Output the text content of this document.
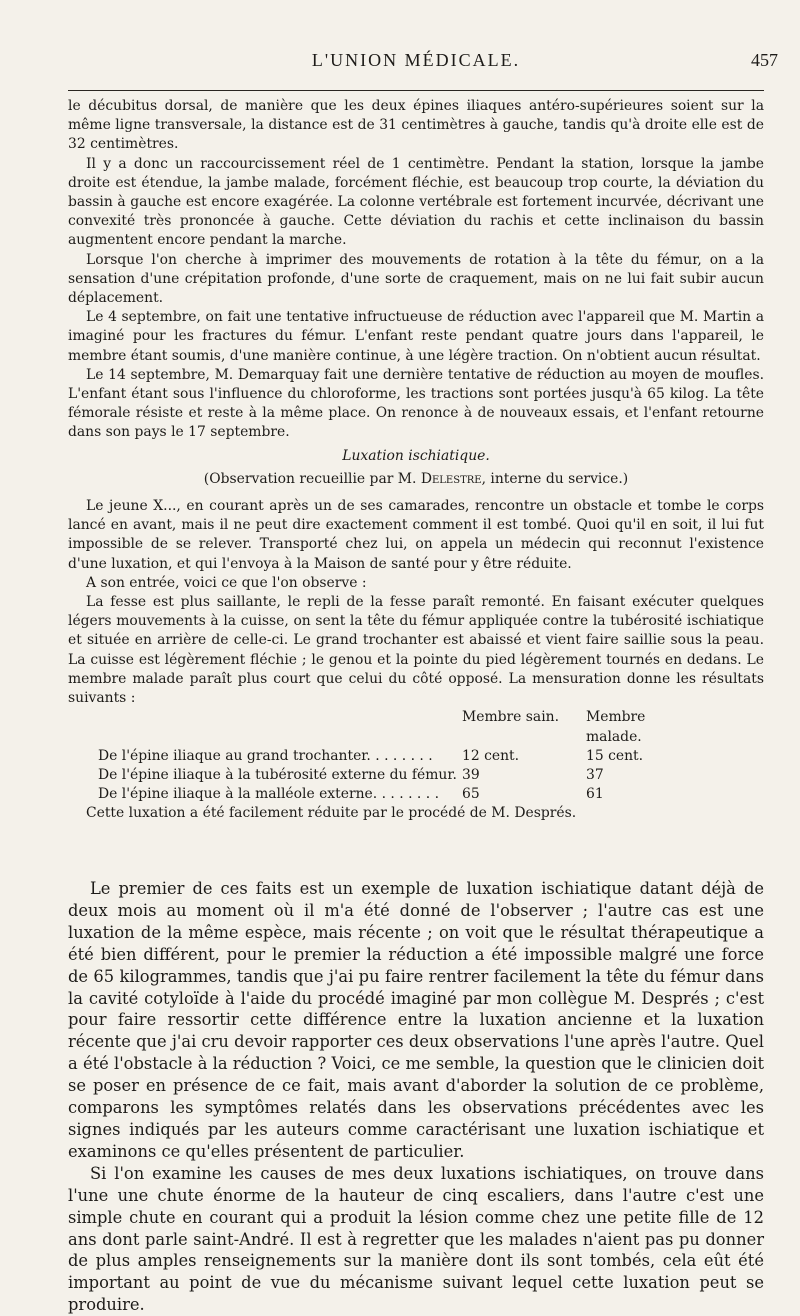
L'UNION MÉDICALE.	457

le décubitus dorsal, de manière que les deux épines iliaques antéro-supérieures soient sur la même ligne transversale, la distance est de 31 centimètres à gauche, tandis qu'à droite elle est de 32 centimètres.

Il y a donc un raccourcissement réel de 1 centimètre. Pendant la station, lorsque la jambe droite est étendue, la jambe malade, forcément fléchie, est beaucoup trop courte, la déviation du bassin à gauche est encore exagérée. La colonne vertébrale est fortement incurvée, décrivant une convexité très prononcée à gauche. Cette déviation du rachis et cette inclinaison du bassin augmentent encore pendant la marche.

Lorsque l'on cherche à imprimer des mouvements de rotation à la tête du fémur, on a la sensation d'une crépitation profonde, d'une sorte de craquement, mais on ne lui fait subir aucun déplacement.

Le 4 septembre, on fait une tentative infructueuse de réduction avec l'appareil que M. Martin a imaginé pour les fractures du fémur. L'enfant reste pendant quatre jours dans l'appareil, le membre étant soumis, d'une manière continue, à une légère traction. On n'obtient aucun résultat.

Le 14 septembre, M. Demarquay fait une dernière tentative de réduction au moyen de moufles. L'enfant étant sous l'influence du chloroforme, les tractions sont portées jusqu'à 65 kilog. La tête fémorale résiste et reste à la même place. On renonce à de nouveaux essais, et l'enfant retourne dans son pays le 17 septembre.

Luxation ischiatique.

(Observation recueillie par M. Delestre, interne du service.)

Le jeune X..., en courant après un de ses camarades, rencontre un obstacle et tombe le corps lancé en avant, mais il ne peut dire exactement comment il est tombé. Quoi qu'il en soit, il lui fut impossible de se relever. Transporté chez lui, on appela un médecin qui reconnut l'existence d'une luxation, et qui l'envoya à la Maison de santé pour y être réduite.

A son entrée, voici ce que l'on observe :

La fesse est plus saillante, le repli de la fesse paraît remonté. En faisant exécuter quelques légers mouvements à la cuisse, on sent la tête du fémur appliquée contre la tubérosité ischiatique et située en arrière de celle-ci. Le grand trochanter est abaissé et vient faire saillie sous la peau. La cuisse est légèrement fléchie ; le genou et la pointe du pied légèrement tournés en dedans. Le membre malade paraît plus court que celui du côté opposé. La mensuration donne les résultats suivants :

	Membre sain.	Membre malade.
De l'épine iliaque au grand trochanter. . . . . . . .	12 cent.	15 cent.
De l'épine iliaque à la tubérosité externe du fémur.	39	37
De l'épine iliaque à la malléole externe. . . . . . . .	65	61

Cette luxation a été facilement réduite par le procédé de M. Després.

Le premier de ces faits est un exemple de luxation ischiatique datant déjà de deux mois au moment où il m'a été donné de l'observer ; l'autre cas est une luxation de la même espèce, mais récente ; on voit que le résultat thérapeutique a été bien différent, pour le premier la réduction a été impossible malgré une force de 65 kilogrammes, tandis que j'ai pu faire rentrer facilement la tête du fémur dans la cavité cotyloïde à l'aide du procédé imaginé par mon collègue M. Després ; c'est pour faire ressortir cette différence entre la luxation ancienne et la luxation récente que j'ai cru devoir rapporter ces deux observations l'une après l'autre. Quel a été l'obstacle à la réduction ? Voici, ce me semble, la question que le clinicien doit se poser en présence de ce fait, mais avant d'aborder la solution de ce problème, comparons les symptômes relatés dans les observations précédentes avec les signes indiqués par les auteurs comme caractérisant une luxation ischiatique et examinons ce qu'elles présentent de particulier.

Si l'on examine les causes de mes deux luxations ischiatiques, on trouve dans l'une une chute énorme de la hauteur de cinq escaliers, dans l'autre c'est une simple chute en courant qui a produit la lésion comme chez une petite fille de 12 ans dont parle saint-André. Il est à regretter que les malades n'aient pas pu donner de plus amples renseignements sur la manière dont ils sont tombés, cela eût été important au point de vue du mécanisme suivant lequel cette luxation peut se produire.
